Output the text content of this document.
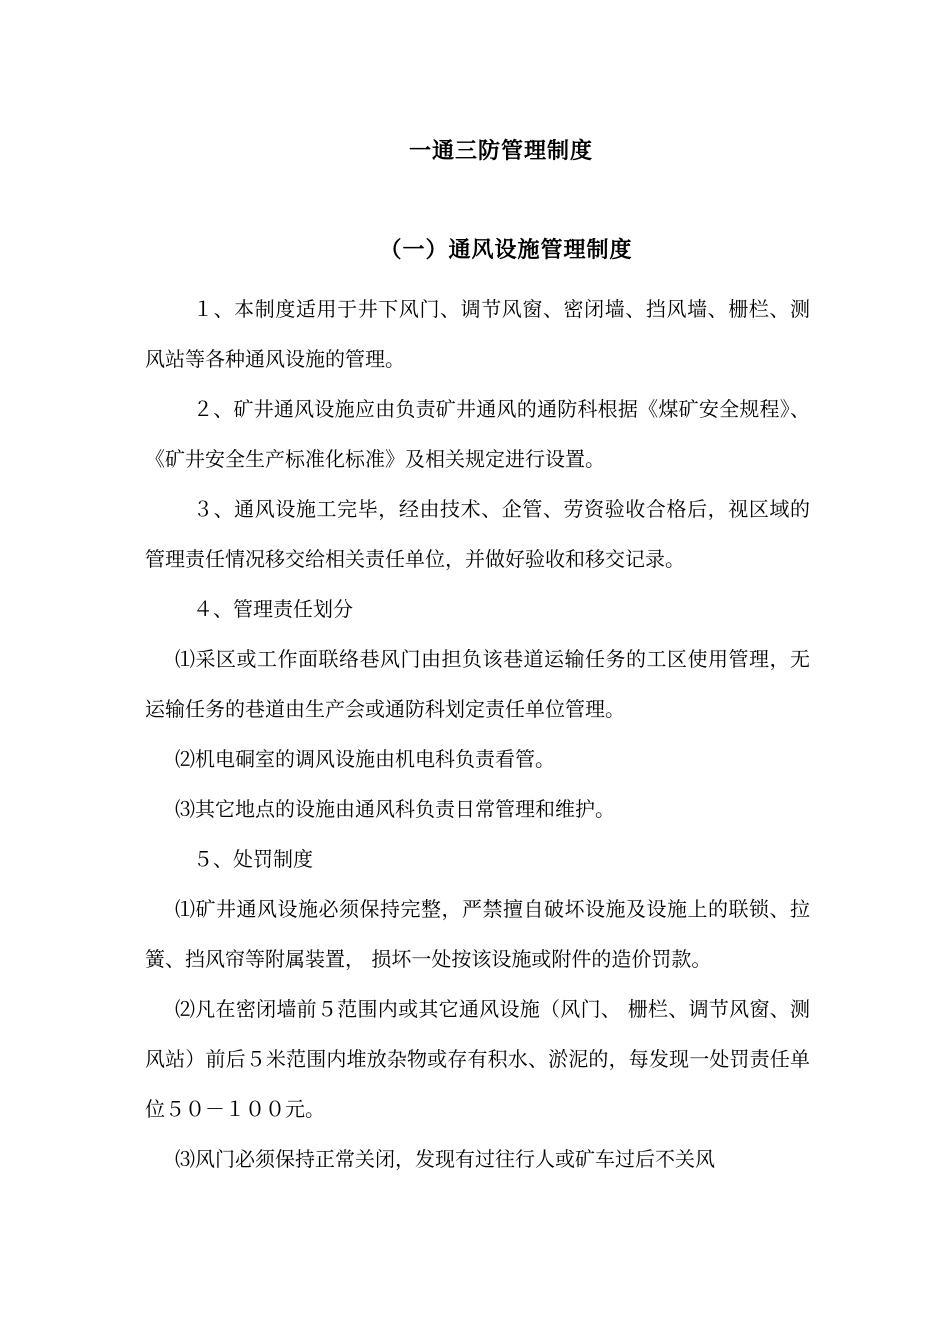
一通三防管理制度
（一）通风设施管理制度

１、本制度适用于井下风门、调节风窗、密闭墙、挡风墙、栅栏、测风站等各种通风设施的管理。

２、矿井通风设施应由负责矿井通风的通防科根据《煤矿安全规程》、《矿井安全生产标准化标准》及相关规定进行设置。

３、通风设施工完毕，经由技术、企管、劳资验收合格后，视区域的管理责任情况移交给相关责任单位，并做好验收和移交记录。

４、管理责任划分

⑴采区或工作面联络巷风门由担负该巷道运输任务的工区使用管理，无运输任务的巷道由生产会或通防科划定责任单位管理。

⑵机电硐室的调风设施由机电科负责看管。

⑶其它地点的设施由通风科负责日常管理和维护。

５、处罚制度

⑴矿井通风设施必须保持完整，严禁擅自破坏设施及设施上的联锁、拉簧、挡风帘等附属装置， 损坏一处按该设施或附件的造价罚款。

⑵凡在密闭墙前５范围内或其它通风设施（风门、 栅栏、调节风窗、测风站）前后５米范围内堆放杂物或存有积水、淤泥的，每发现一处罚责任单位５０－１００元。

⑶风门必须保持正常关闭，发现有过往行人或矿车过后不关风
